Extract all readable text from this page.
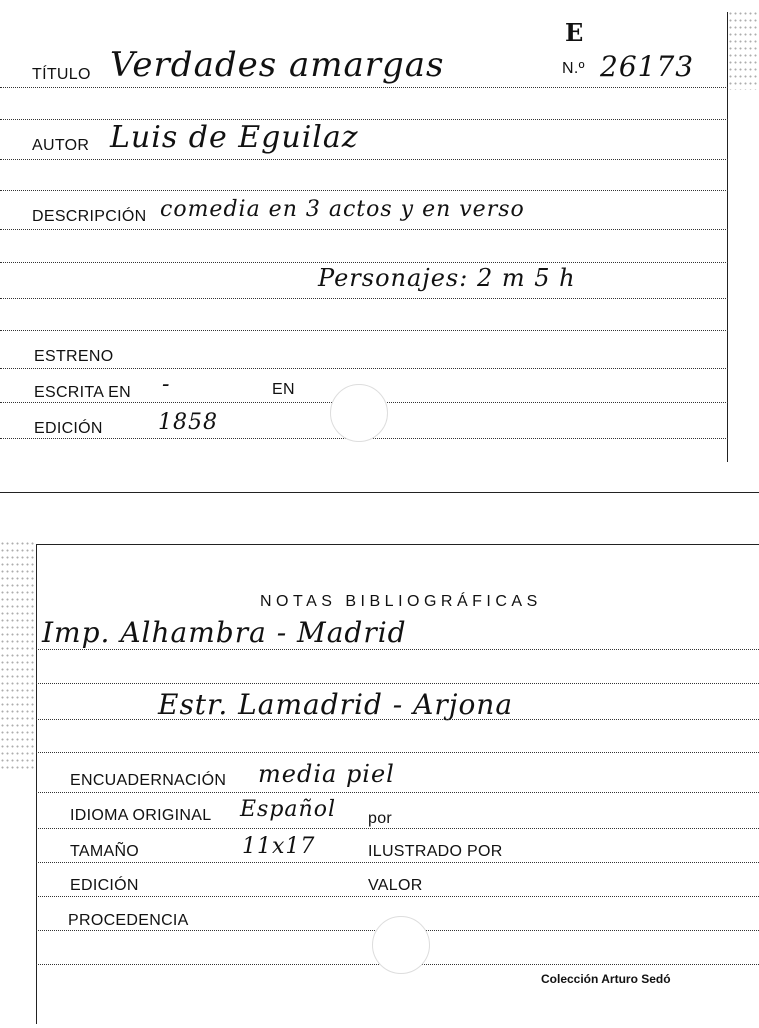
E
N.º 26173
TÍTULO Verdades amargas
AUTOR Luis de Eguilaz
DESCRIPCIÓN comedia en 3 actos y en verso
Personajes: 2 m 5 h
ESTRENO
ESCRITA EN -	EN
EDICIÓN	1858
NOTAS BIBLIOGRÁFICAS
Imp. Alhambra - Madrid
Estr. Lamadrid - Arjona
ENCUADERNACIÓN media piel
IDIOMA ORIGINAL Español por
TAMAÑO	11x17	ILUSTRADO POR
EDICIÓN	VALOR
PROCEDENCIA
Colección Arturo Sedó
